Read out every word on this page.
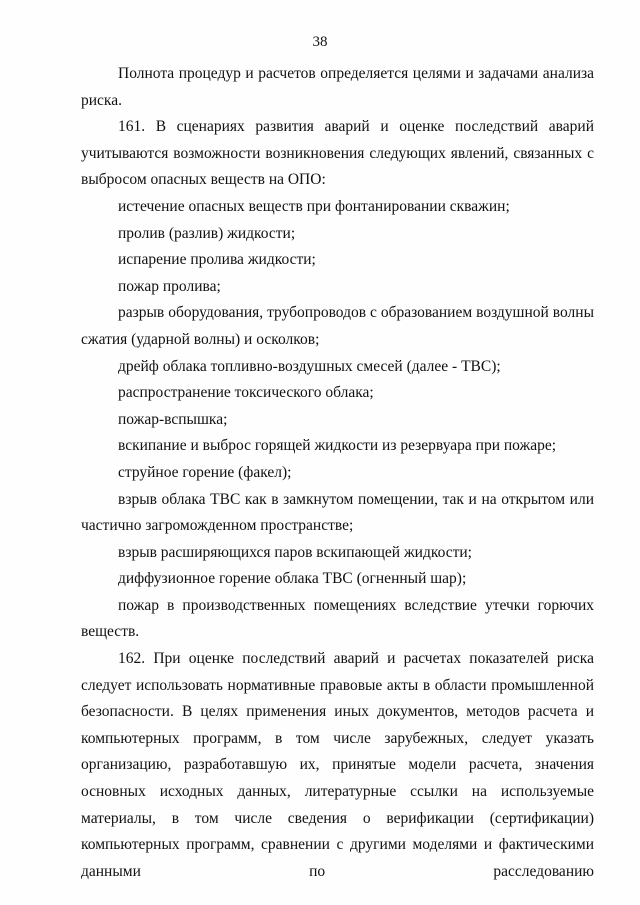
38

Полнота процедур и расчетов определяется целями и задачами анализа риска.

161. В сценариях развития аварий и оценке последствий аварий учитываются возможности возникновения следующих явлений, связанных с выбросом опасных веществ на ОПО:

истечение опасных веществ при фонтанировании скважин;

пролив (разлив) жидкости;

испарение пролива жидкости;

пожар пролива;

разрыв оборудования, трубопроводов с образованием воздушной волны сжатия (ударной волны) и осколков;

дрейф облака топливно-воздушных смесей (далее - ТВС);

распространение токсического облака;

пожар-вспышка;

вскипание и выброс горящей жидкости из резервуара при пожаре;

струйное горение (факел);

взрыв облака ТВС как в замкнутом помещении, так и на открытом или частично загроможденном пространстве;

взрыв расширяющихся паров вскипающей жидкости;

диффузионное горение облака ТВС (огненный шар);

пожар в производственных помещениях вследствие утечки горючих веществ.

162. При оценке последствий аварий и расчетах показателей риска следует использовать нормативные правовые акты в области промышленной безопасности. В целях применения иных документов, методов расчета и компьютерных программ, в том числе зарубежных, следует указать организацию, разработавшую их, принятые модели расчета, значения основных исходных данных, литературные ссылки на используемые материалы, в том числе сведения о верификации (сертификации) компьютерных программ, сравнении с другими моделями и фактическими данными по расследованию
